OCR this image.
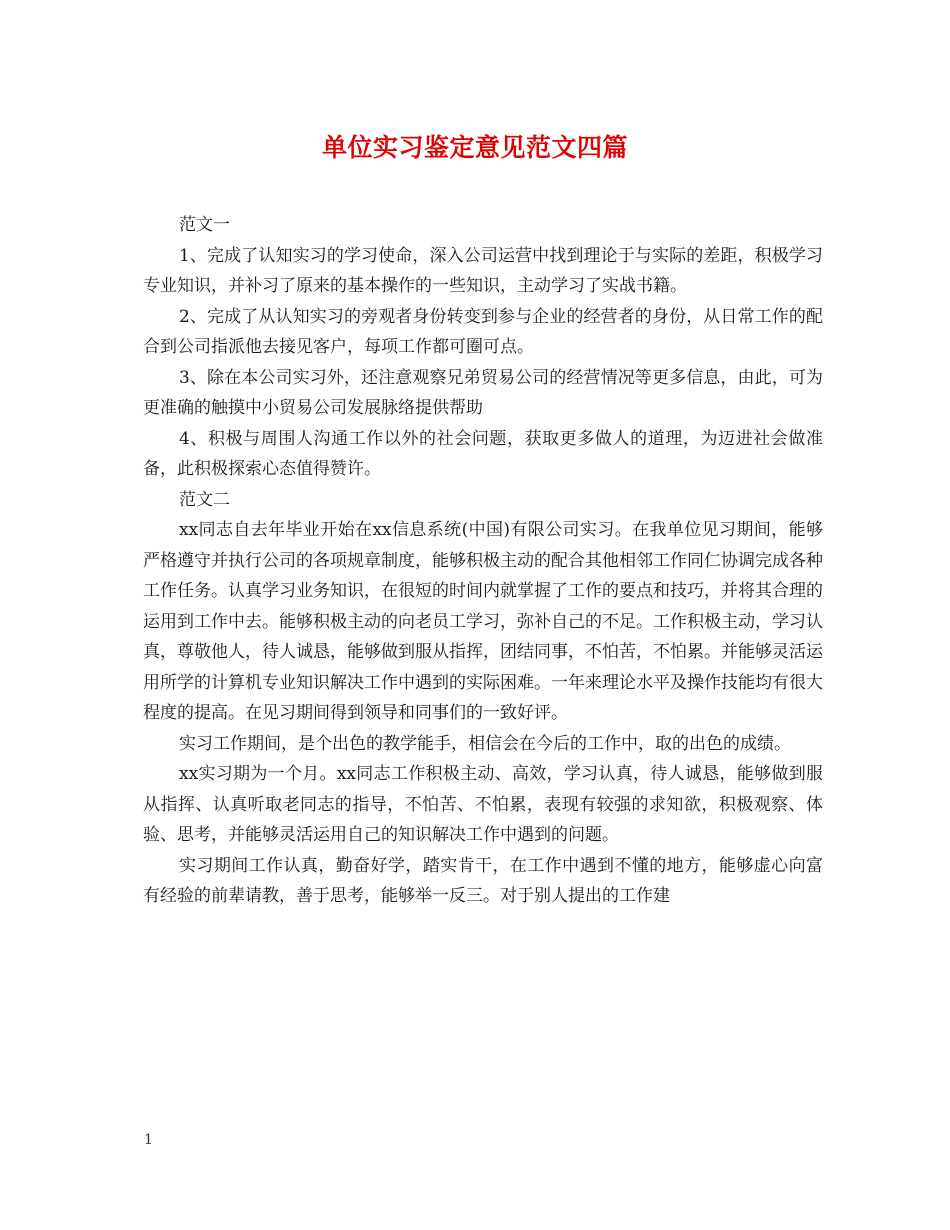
单位实习鉴定意见范文四篇

范文一

1、完成了认知实习的学习使命，深入公司运营中找到理论于与实际的差距，积极学习专业知识，并补习了原来的基本操作的一些知识，主动学习了实战书籍。

2、完成了从认知实习的旁观者身份转变到参与企业的经营者的身份，从日常工作的配合到公司指派他去接见客户，每项工作都可圈可点。

3、除在本公司实习外，还注意观察兄弟贸易公司的经营情况等更多信息，由此，可为更准确的触摸中小贸易公司发展脉络提供帮助

4、积极与周围人沟通工作以外的社会问题，获取更多做人的道理，为迈进社会做准备，此积极探索心态值得赞许。

范文二

xx同志自去年毕业开始在xx信息系统(中国)有限公司实习。在我单位见习期间，能够严格遵守并执行公司的各项规章制度，能够积极主动的配合其他相邻工作同仁协调完成各种工作任务。认真学习业务知识，在很短的时间内就掌握了工作的要点和技巧，并将其合理的运用到工作中去。能够积极主动的向老员工学习，弥补自己的不足。工作积极主动，学习认真，尊敬他人，待人诚恳，能够做到服从指挥，团结同事，不怕苦，不怕累。并能够灵活运用所学的计算机专业知识解决工作中遇到的实际困难。一年来理论水平及操作技能均有很大程度的提高。在见习期间得到领导和同事们的一致好评。

实习工作期间，是个出色的教学能手，相信会在今后的工作中，取的出色的成绩。

xx实习期为一个月。xx同志工作积极主动、高效，学习认真，待人诚恳，能够做到服从指挥、认真听取老同志的指导，不怕苦、不怕累，表现有较强的求知欲，积极观察、体验、思考，并能够灵活运用自己的知识解决工作中遇到的问题。

实习期间工作认真，勤奋好学，踏实肯干，在工作中遇到不懂的地方，能够虚心向富有经验的前辈请教，善于思考，能够举一反三。对于别人提出的工作建

1
